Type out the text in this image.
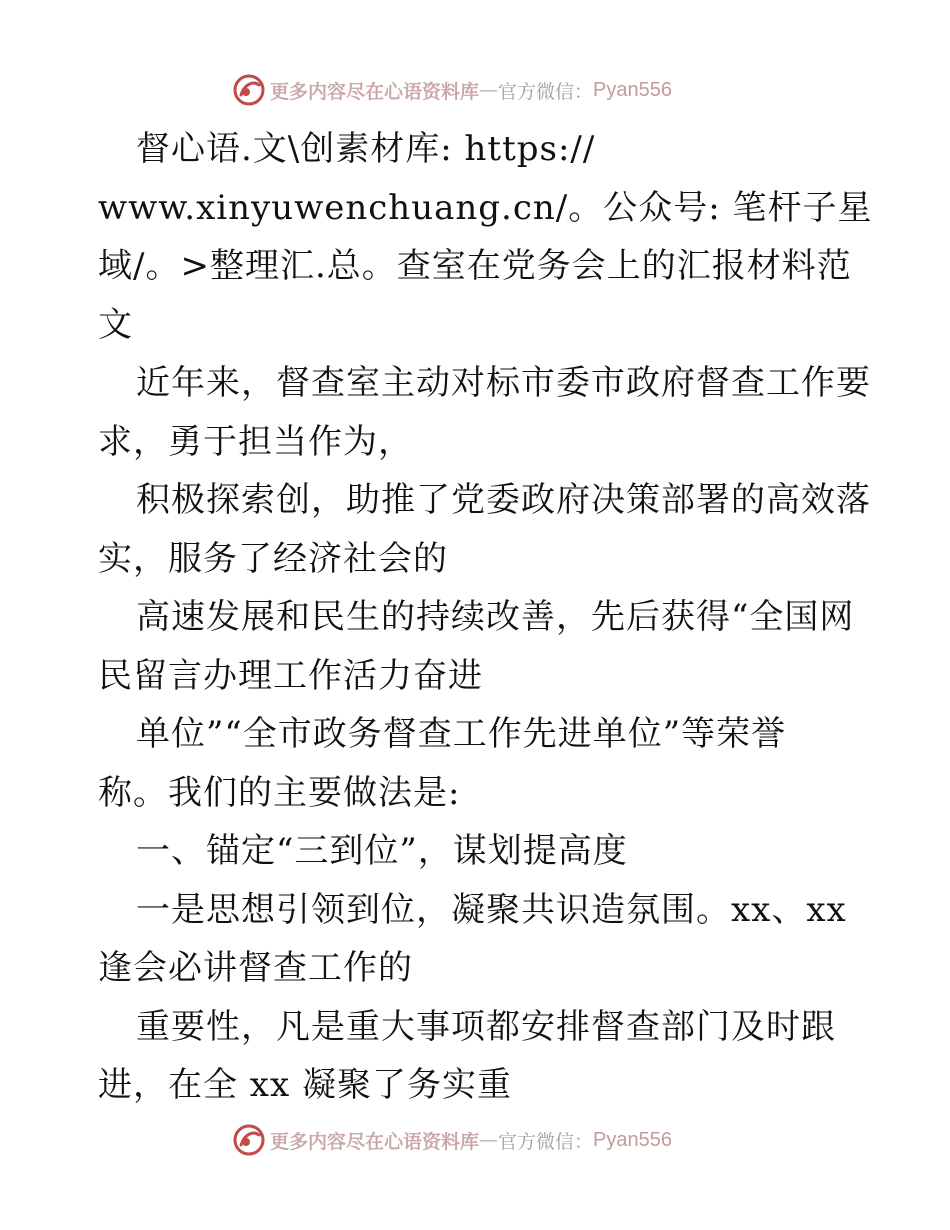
更多内容尽在心语资料库 — 官方微信： Pyan556
督心语.文\创素材库: https://
www.xinyuwenchuang.cn/。公众号: 笔杆子星
域/。>整理汇.总。查室在党务会上的汇报材料范
文
近年来，督查室主动对标市委市政府督查工作要
求，勇于担当作为，
积极探索创，助推了党委政府决策部署的高效落
实，服务了经济社会的
高速发展和民生的持续改善，先后获得“全国网
民留言办理工作活力奋进
单位”“全市政务督查工作先进单位”等荣誉
称。我们的主要做法是:
一、锚定“三到位”，谋划提高度
一是思想引领到位，凝聚共识造氛围。xx、xx
逢会必讲督查工作的
重要性，凡是重大事项都安排督查部门及时跟
进，在全 xx 凝聚了务实重
更多内容尽在心语资料库 — 官方微信： Pyan556
